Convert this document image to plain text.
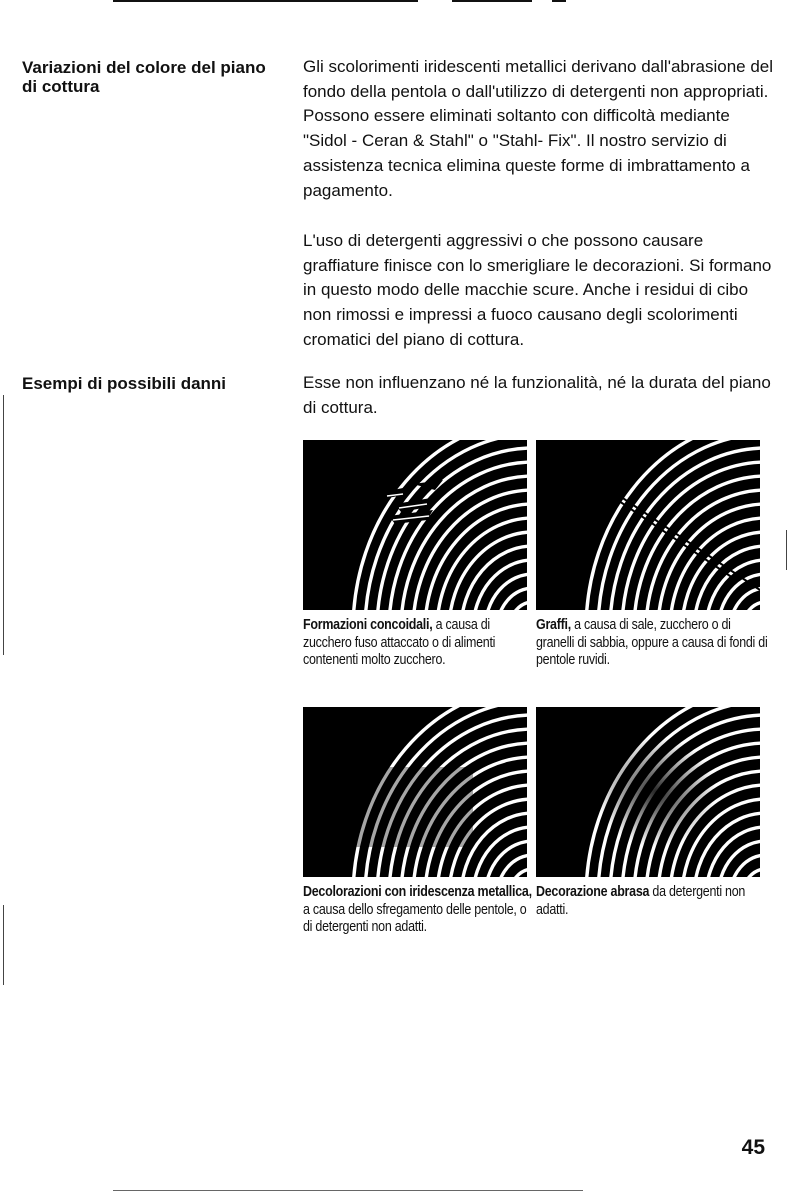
Variazioni del colore del piano di cottura

Gli scolorimenti iridescenti metallici derivano dall'abrasione del fondo della pentola o dall'utilizzo di detergenti non appropriati. Possono essere eliminati soltanto con difficoltà mediante "Sidol - Ceran & Stahl" o "Stahl- Fix". Il nostro servizio di assistenza tecnica elimina queste forme di imbrattamento a pagamento.

L'uso di detergenti aggressivi o che possono causare graffiature finisce con lo smerigliare le decorazioni. Si formano in questo modo delle macchie scure. Anche i residui di cibo non rimossi e impressi a fuoco causano degli scolorimenti cromatici del piano di cottura.

Esempi di possibili danni	Esse non influenzano né la funzionalità, né la durata del piano di cottura.

Formazioni concoidali, a causa di zucchero fuso attaccato o di alimenti contenenti molto zucchero.
Graffi, a causa di sale, zucchero o di granelli di sabbia, oppure a causa di fondi di pentole ruvidi.
Decolorazioni con iridescenza metallica, a causa dello sfregamento delle pentole, o di detergenti non adatti.
Decorazione abrasa da detergenti non adatti.
45
